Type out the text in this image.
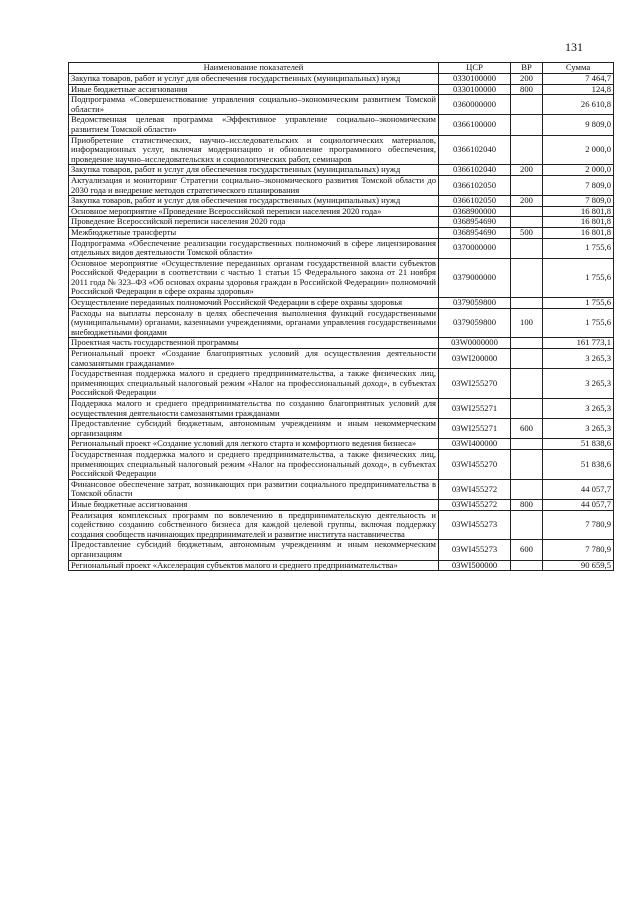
131
Наименование показателей	ЦСР	ВР	Сумма
Закупка товаров, работ и услуг для обеспечения государственных (муниципальных) нужд	0330100000	200	7 464,7
Иные бюджетные ассигнования	0330100000	800	124,8
Подпрограмма «Совершенствование управления социально–экономическим развитием Томской области»	0360000000		26 610,8
Ведомственная целевая программа «Эффективное управление социально–экономическим развитием Томской области»	0366100000		9 809,0
Приобретение статистических, научно–исследовательских и социологических материалов, информационных услуг, включая модернизацию и обновление программного обеспечения, проведение научно–исследовательских и социологических работ, семинаров	0366102040		2 000,0
Закупка товаров, работ и услуг для обеспечения государственных (муниципальных) нужд	0366102040	200	2 000,0
Актуализация и мониторинг Стратегии социально–экономического развития Томской области до 2030 года и внедрение методов стратегического планирования	0366102050		7 809,0
Закупка товаров, работ и услуг для обеспечения государственных (муниципальных) нужд	0366102050	200	7 809,0
Основное мероприятие «Проведение Всероссийской переписи населения 2020 года»	0368900000		16 801,8
Проведение Всероссийской переписи населения 2020 года	0368954690		16 801,8
Межбюджетные трансферты	0368954690	500	16 801,8
Подпрограмма «Обеспечение реализации государственных полномочий в сфере лицензирования отдельных видов деятельности Томской области»	0370000000		1 755,6
Основное мероприятие «Осуществление переданных органам государственной власти субъектов Российской Федерации в соответствии с частью 1 статьи 15 Федерального закона от 21 ноября 2011 года № 323–ФЗ «Об основах охраны здоровья граждан в Российской Федерации» полномочий Российской Федерации в сфере охраны здоровья»	0379000000		1 755,6
Осуществление переданных полномочий Российской Федерации в сфере охраны здоровья	0379059800		1 755,6
Расходы на выплаты персоналу в целях обеспечения выполнения функций государственными (муниципальными) органами, казенными учреждениями, органами управления государственными внебюджетными фондами	0379059800	100	1 755,6
Проектная часть государственной программы	03W0000000		161 773,1
Региональный проект «Создание благоприятных условий для осуществления деятельности самозанятыми гражданами»	03WI200000		3 265,3
Государственная поддержка малого и среднего предпринимательства, а также физических лиц, применяющих специальный налоговый режим «Налог на профессиональный доход», в субъектах Российской Федерации	03WI255270		3 265,3
Поддержка малого и среднего предпринимательства по созданию благоприятных условий для осуществления деятельности самозанятыми гражданами	03WI255271		3 265,3
Предоставление субсидий бюджетным, автономным учреждениям и иным некоммерческим организациям	03WI255271	600	3 265,3
Региональный проект «Создание условий для легкого старта и комфортного ведения бизнеса»	03WI400000		51 838,6
Государственная поддержка малого и среднего предпринимательства, а также физических лиц, применяющих специальный налоговый режим «Налог на профессиональный доход», в субъектах Российской Федерации	03WI455270		51 838,6
Финансовое обеспечение затрат, возникающих при развитии социального предпринимательства в Томской области	03WI455272		44 057,7
Иные бюджетные ассигнования	03WI455272	800	44 057,7
Реализация комплексных программ по вовлечению в предпринимательскую деятельность и содействию созданию собственного бизнеса для каждой целевой группы, включая поддержку создания сообществ начинающих предпринимателей и развитие института наставничества	03WI455273		7 780,9
Предоставление субсидий бюджетным, автономным учреждениям и иным некоммерческим организациям	03WI455273	600	7 780,9
Региональный проект «Акселерация субъектов малого и среднего предпринимательства»	03WI500000		90 659,5
